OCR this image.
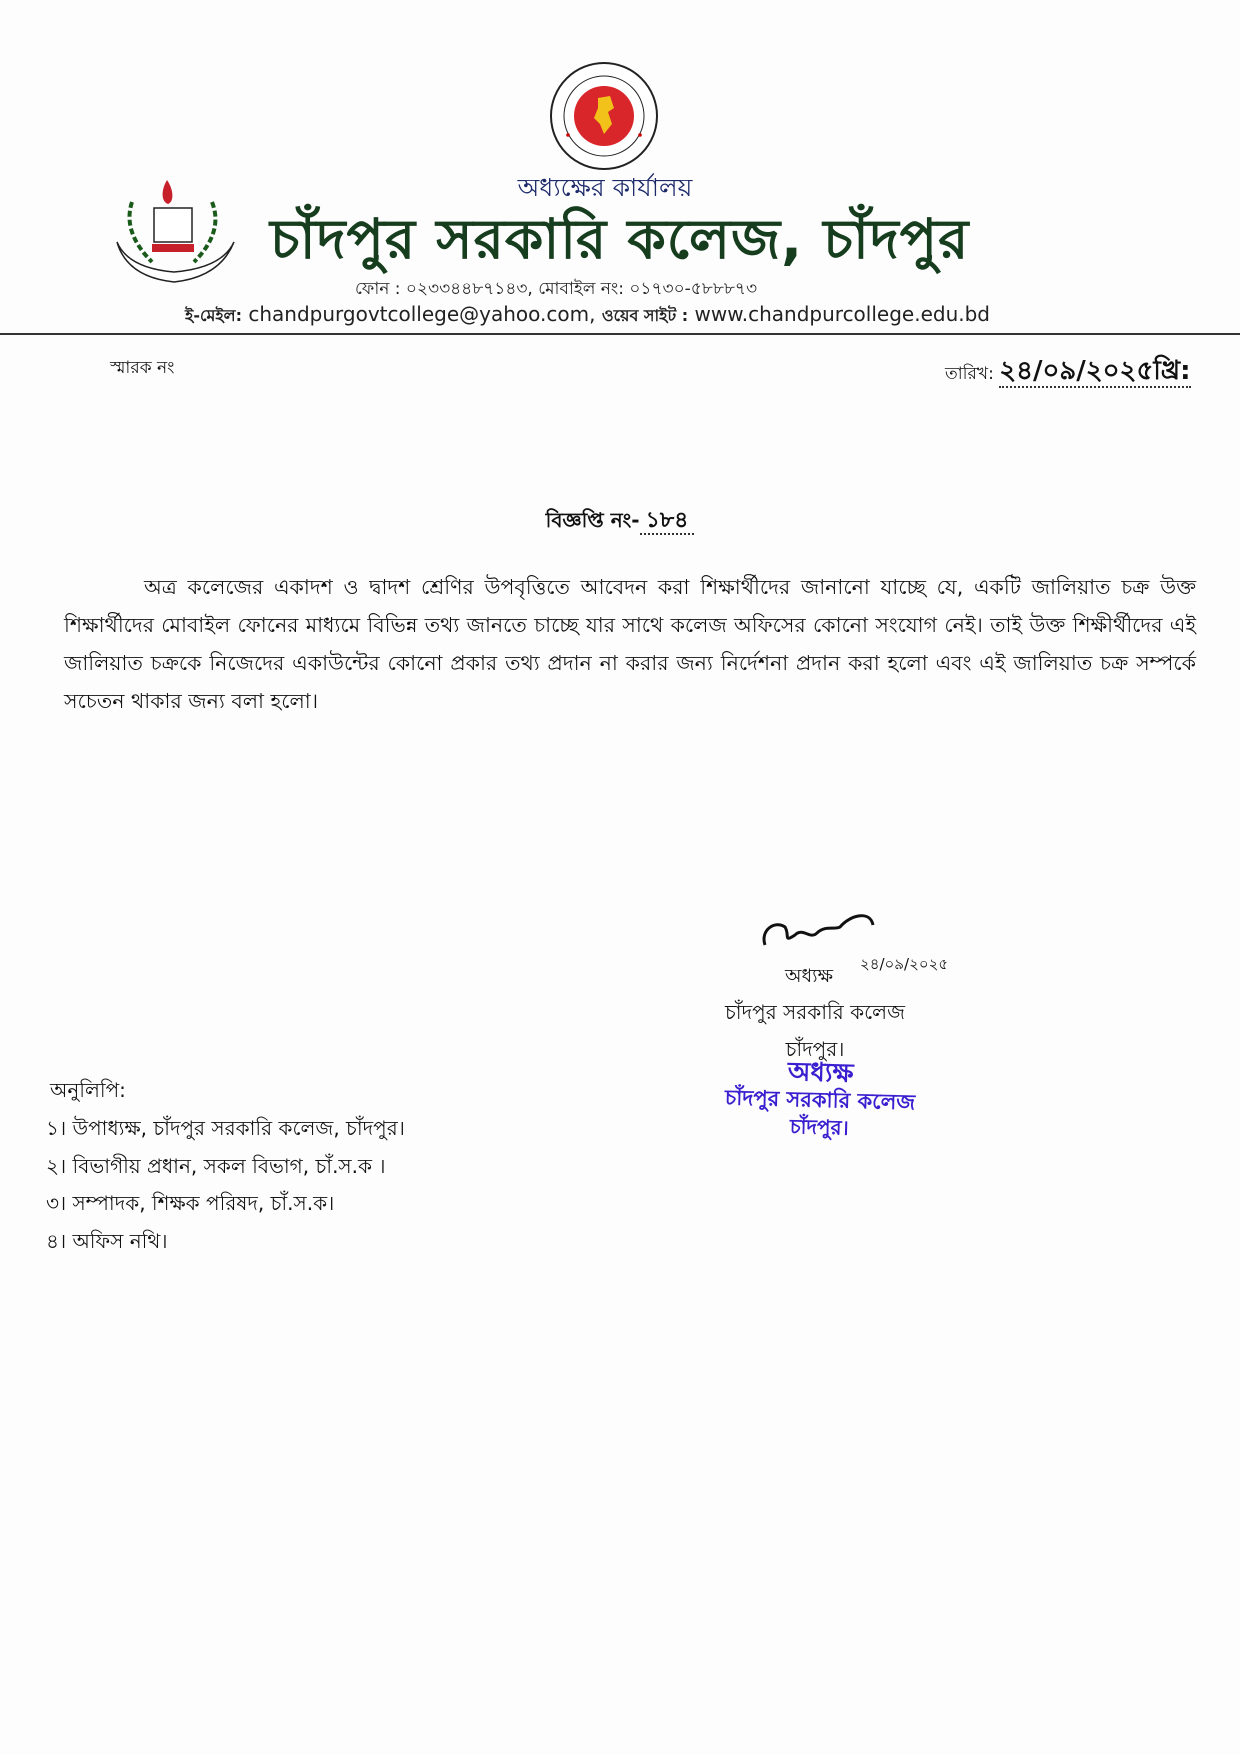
অধ্যক্ষের কার্যালয়
চাঁদপুর সরকারি কলেজ, চাঁদপুর
ফোন : ০২৩৩৪৪৮৭১৪৩, মোবাইল নং: ০১৭৩০-৫৮৮৮৭৩
ই-মেইল: chandpurgovtcollege@yahoo.com, ওয়েব সাইট : www.chandpurcollege.edu.bd
স্মারক নং	তারিখ: ২৪/০৯/২০২৫খ্রি:
বিজ্ঞপ্তি নং- ১৮৪

অত্র কলেজের একাদশ ও দ্বাদশ শ্রেণির উপবৃত্তিতে আবেদন করা শিক্ষার্থীদের জানানো যাচ্ছে যে, একটি জালিয়াত চক্র উক্ত শিক্ষার্থীদের মোবাইল ফোনের মাধ্যমে বিভিন্ন তথ্য জানতে চাচ্ছে যার সাথে কলেজ অফিসের কোনো সংযোগ নেই। তাই উক্ত শিক্ষীর্থীদের এই জালিয়াত চক্রকে নিজেদের একাউন্টের কোনো প্রকার তথ্য প্রদান না করার জন্য নির্দেশনা প্রদান করা হলো এবং এই জালিয়াত চক্র সম্পর্কে সচেতন থাকার জন্য বলা হলো।

২৪/০৯/২০২৫
অধ্যক্ষ
চাঁদপুর সরকারি কলেজ
চাঁদপুর।
অধ্যক্ষ
চাঁদপুর সরকারি কলেজ
চাঁদপুর।
অনুলিপি:
১। উপাধ্যক্ষ, চাঁদপুর সরকারি কলেজ, চাঁদপুর।
২। বিভাগীয় প্রধান, সকল বিভাগ, চাঁ.স.ক ।
৩। সম্পাদক, শিক্ষক পরিষদ, চাঁ.স.ক।
৪। অফিস নথি।
